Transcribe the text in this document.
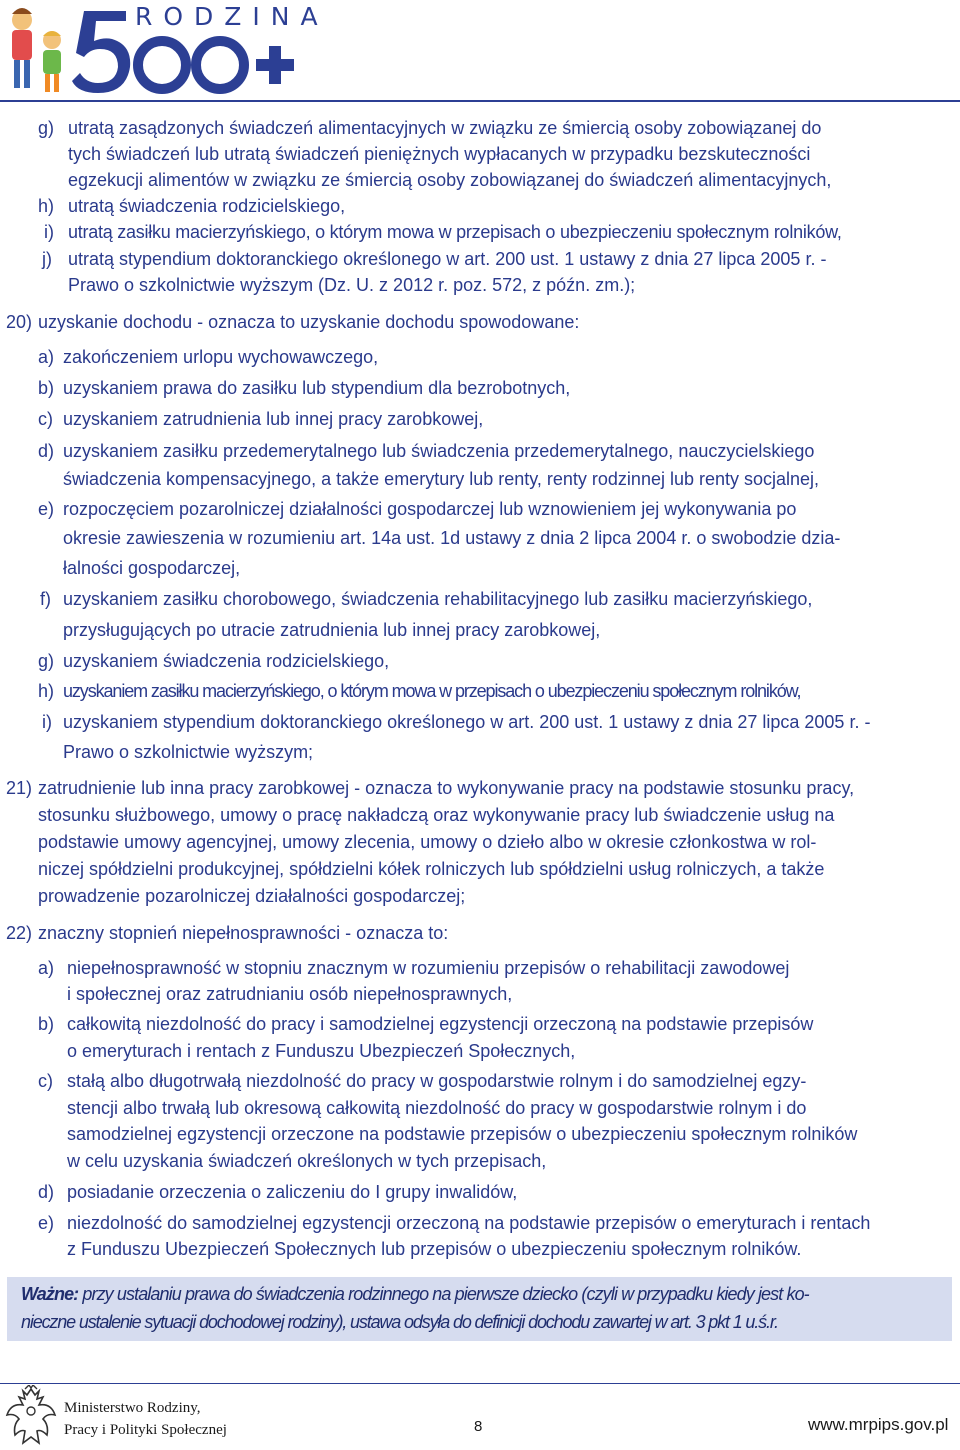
RODZINA
g) utratą zasądzonych świadczeń alimentacyjnych w związku ze śmiercią osoby zobowiązanej do
tych świadczeń lub utratą świadczeń pieniężnych wypłacanych w przypadku bezskuteczności
egzekucji alimentów w związku ze śmiercią osoby zobowiązanej do świadczeń alimentacyjnych,
h) utratą świadczenia rodzicielskiego,
i) utratą zasiłku macierzyńskiego, o którym mowa w przepisach o ubezpieczeniu społecznym rolników,
j) utratą stypendium doktoranckiego określonego w art. 200 ust. 1 ustawy z dnia 27 lipca 2005 r. -
Prawo o szkolnictwie wyższym (Dz. U. z 2012 r. poz. 572, z późn. zm.);
20) uzyskanie dochodu - oznacza to uzyskanie dochodu spowodowane:
a) zakończeniem urlopu wychowawczego,
b) uzyskaniem prawa do zasiłku lub stypendium dla bezrobotnych,
c) uzyskaniem zatrudnienia lub innej pracy zarobkowej,
d) uzyskaniem zasiłku przedemerytalnego lub świadczenia przedemerytalnego, nauczycielskiego
świadczenia kompensacyjnego, a także emerytury lub renty, renty rodzinnej lub renty socjalnej,
e) rozpoczęciem pozarolniczej działalności gospodarczej lub wznowieniem jej wykonywania po
okresie zawieszenia w rozumieniu art. 14a ust. 1d ustawy z dnia 2 lipca 2004 r. o swobodzie dzia-
łalności gospodarczej,
f) uzyskaniem zasiłku chorobowego, świadczenia rehabilitacyjnego lub zasiłku macierzyńskiego,
przysługujących po utracie zatrudnienia lub innej pracy zarobkowej,
g) uzyskaniem świadczenia rodzicielskiego,
h) uzyskaniem zasiłku macierzyńskiego, o którym mowa w przepisach o ubezpieczeniu społecznym rolników,
i) uzyskaniem stypendium doktoranckiego określonego w art. 200 ust. 1 ustawy z dnia 27 lipca 2005 r. -
Prawo o szkolnictwie wyższym;
21) zatrudnienie lub inna pracy zarobkowej - oznacza to wykonywanie pracy na podstawie stosunku pracy,
stosunku służbowego, umowy o pracę nakładczą oraz wykonywanie pracy lub świadczenie usług na
podstawie umowy agencyjnej, umowy zlecenia, umowy o dzieło albo w okresie członkostwa w rol-
niczej spółdzielni produkcyjnej, spółdzielni kółek rolniczych lub spółdzielni usług rolniczych, a także
prowadzenie pozarolniczej działalności gospodarczej;
22) znaczny stopnień niepełnosprawności - oznacza to:
a) niepełnosprawność w stopniu znacznym w rozumieniu przepisów o rehabilitacji zawodowej
i społecznej oraz zatrudnianiu osób niepełnosprawnych,
b) całkowitą niezdolność do pracy i samodzielnej egzystencji orzeczoną na podstawie przepisów
o emeryturach i rentach z Funduszu Ubezpieczeń Społecznych,
c) stałą albo długotrwałą niezdolność do pracy w gospodarstwie rolnym i do samodzielnej egzy-
stencji albo trwałą lub okresową całkowitą niezdolność do pracy w gospodarstwie rolnym i do
samodzielnej egzystencji orzeczone na podstawie przepisów o ubezpieczeniu społecznym rolników
w celu uzyskania świadczeń określonych w tych przepisach,
d) posiadanie orzeczenia o zaliczeniu do I grupy inwalidów,
e) niezdolność do samodzielnej egzystencji orzeczoną na podstawie przepisów o emeryturach i rentach
z Funduszu Ubezpieczeń Społecznych lub przepisów o ubezpieczeniu społecznym rolników.
Ważne: przy ustalaniu prawa do świadczenia rodzinnego na pierwsze dziecko (czyli w przypadku kiedy jest ko-
nieczne ustalenie sytuacji dochodowej rodziny), ustawa odsyła do definicji dochodu zawartej w art. 3 pkt 1 u.ś.r.
Ministerstwo Rodziny,
Pracy i Polityki Społecznej	8	www.mrpips.gov.pl
